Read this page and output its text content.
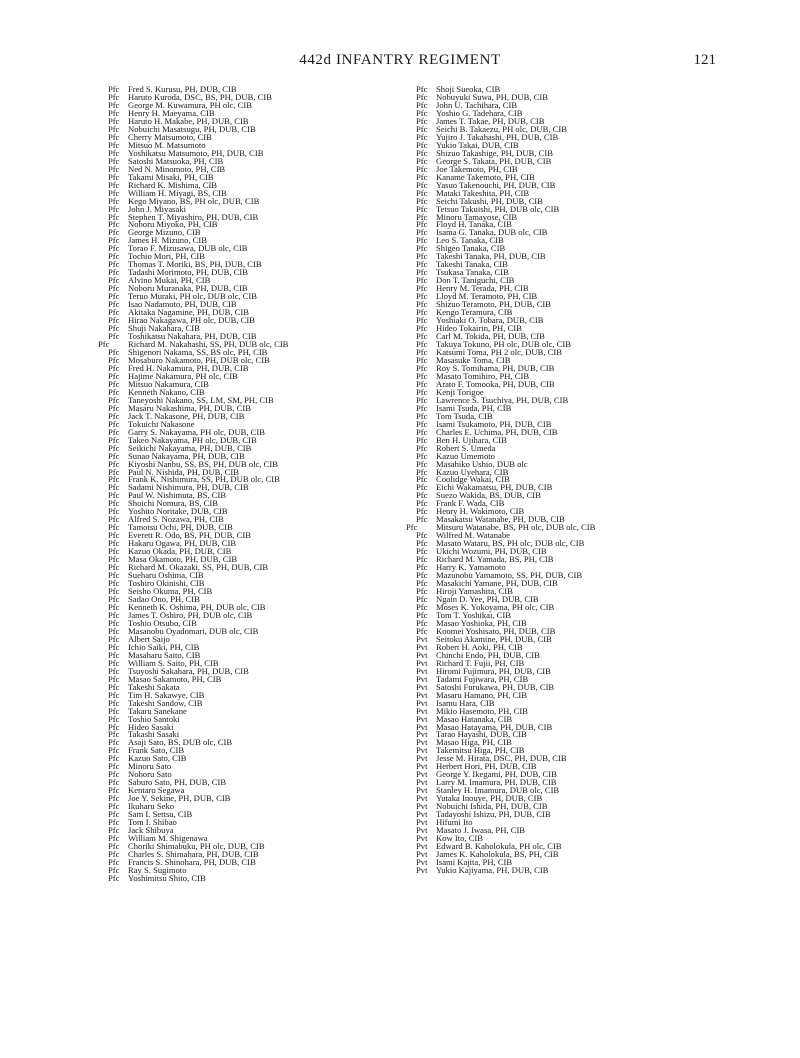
442d INFANTRY REGIMENT	121
Pfc Fred S. Kurusu, PH, DUB, CIB
Pfc Haruto Kuroda, DSC, BS, PH, DUB, CIB
Pfc George M. Kuwamura, PH olc, CIB
Pfc Henry H. Maeyama, CIB
Pfc Haruto H. Makabe, PH, DUB, CIB
Pfc Nobuichi Masatsugu, PH, DUB, CIB
Pfc Cherry Matsumoto, CIB
Pfc Mitsuo M. Matsumoto
Pfc Yoshikatsu Matsumoto, PH, DUB, CIB
Pfc Satoshi Matsuoka, PH, CIB
Pfc Ned N. Minomoto, PH, CIB
Pfc Takami Misaki, PH, CIB
Pfc Richard K. Mishima, CIB
Pfc William H. Miyagi, BS, CIB
Pfc Kego Miyano, BS, PH olc, DUB, CIB
Pfc John J. Miyasaki
Pfc Stephen T. Miyashiro, PH, DUB, CIB
Pfc Noboru Miyoko, PH, CIB
Pfc George Mizuno, CIB
Pfc James H. Mizuno, CIB
Pfc Torao F. Mizusawa, DUB olc, CIB
Pfc Tochio Mori, PH, CIB
Pfc Thomas T. Moriki, BS, PH, DUB, CIB
Pfc Tadashi Morimoto, PH, DUB, CIB
Pfc Alvino Mukai, PH, CIB
Pfc Noboru Muranaka, PH, DUB, CIB
Pfc Teruo Muraki, PH olc, DUB olc, CIB
Pfc Isao Nadamoto, PH, DUB, CIB
Pfc Akitaka Nagamine, PH, DUB, CIB
Pfc Hirao Nakagawa, PH olc, DUB, CIB
Pfc Shuji Nakahara, CIB
Pfc Toshikatsu Nakahara, PH, DUB, CIB
Pfc Richard M. Nakahashi, SS, PH, DUB olc, CIB
Pfc Shigenori Nakama, SS, BS olc, PH, CIB
Pfc Mosaburo Nakamoto, PH, DUB olc, CIB
Pfc Fred H. Nakamura, PH, DUB, CIB
Pfc Hajime Nakamura, PH olc, CIB
Pfc Mitsuo Nakamura, CIB
Pfc Kenneth Nakano, CIB
Pfc Taneyoshi Nakano, SS, LM, SM, PH, CIB
Pfc Masaru Nakashima, PH, DUB, CIB
Pfc Jack T. Nakasone, PH, DUB, CIB
Pfc Tokuichi Nakasone
Pfc Garry S. Nakayama, PH olc, DUB, CIB
Pfc Takeo Nakayama, PH olc, DUB, CIB
Pfc Seikichi Nakayama, PH, DUB, CIB
Pfc Sunao Nakayama, PH, DUB, CIB
Pfc Kiyoshi Nanbu, SS, BS, PH, DUB olc, CIB
Pfc Paul N. Nishida, PH, DUB, CIB
Pfc Frank K. Nishimura, SS, PH, DUB olc, CIB
Pfc Sadami Nishimura, PH, DUB, CIB
Pfc Paul W. Nishimuta, BS, CIB
Pfc Shoichi Nomura, BS, CIB
Pfc Yoshito Noritake, DUB, CIB
Pfc Alfred S. Nozawa, PH, CIB
Pfc Tamotsu Ochi, PH, DUB, CIB
Pfc Everett R. Odo, BS, PH, DUB, CIB
Pfc Hakaru Ogawa, PH, DUB, CIB
Pfc Kazuo Okada, PH, DUB, CIB
Pfc Masa Okamoto, PH, DUB, CIB
Pfc Richard M. Okazaki, SS, PH, DUB, CIB
Pfc Sueharu Oshima, CIB
Pfc Toshiro Okinishi, CIB
Pfc Seisho Okuma, PH, CIB
Pfc Sadao Ono, PH, CIB
Pfc Kenneth K. Oshima, PH, DUB olc, CIB
Pfc James T. Oshiro, PH, DUB olc, CIB
Pfc Toshio Otsubo, CIB
Pfc Masanobu Oyadomari, DUB olc, CIB
Pfc Albert Saijo
Pfc Ichio Saiki, PH, CIB
Pfc Masaharu Saito, CIB
Pfc William S. Saito, PH, CIB
Pfc Tsuyoshi Sakahara, PH, DUB, CIB
Pfc Masao Sakamoto, PH, CIB
Pfc Takeshi Sakata
Pfc Tim H. Sakawye, CIB
Pfc Takeshi Sandow, CIB
Pfc Takaru Sanekane
Pfc Toshio Santoki
Pfc Hideo Sasaki
Pfc Takashi Sasaki
Pfc Asaji Sato, BS, DUB olc, CIB
Pfc Frank Sato, CIB
Pfc Kazuo Sato, CIB
Pfc Minoru Sato
Pfc Noboru Sato
Pfc Saburo Sato, PH, DUB, CIB
Pfc Kentaro Segawa
Pfc Joe Y. Sekine, PH, DUB, CIB
Pfc Ikuharu Seko
Pfc Sam I. Settsu, CIB
Pfc Tom I. Shibao
Pfc Jack Shibuya
Pfc William M. Shigenawa
Pfc Choriki Shimabuku, PH olc, DUB, CIB
Pfc Charles S. Shimahara, PH, DUB, CIB
Pfc Francis S. Shinohara, PH, DUB, CIB
Pfc Ray S. Sugimoto
Pfc Yoshimitsu Shito, CIB
Pfc Shoji Sueoka, CIB
Pfc Nobuyuki Suwa, PH, DUB, CIB
Pfc John U. Tachihara, CIB
Pfc Yoshio G. Tadehara, CIB
Pfc James T. Takae, PH, DUB, CIB
Pfc Seichi B. Takaezu, PH olc, DUB, CIB
Pfc Yujiro J. Takahashi, PH, DUB, CIB
Pfc Yukio Takai, DUB, CIB
Pfc Shizuo Takashige, PH, DUB, CIB
Pfc George S. Takata, PH, DUB, CIB
Pfc Joe Takemoto, PH, CIB
Pfc Kaname Takemoto, PH, CIB
Pfc Yasuo Takenouchi, PH, DUB, CIB
Pfc Mataki Takeshita, PH, CIB
Pfc Seichi Takushi, PH, DUB, CIB
Pfc Tetsuo Takuishi, PH, DUB olc, CIB
Pfc Minoru Tamayose, CIB
Pfc Floyd H. Tanaka, CIB
Pfc Isama G. Tanaka, DUB olc, CIB
Pfc Leo S. Tanaka, CIB
Pfc Shigeo Tanaka, CIB
Pfc Takeshi Tanaka, PH, DUB, CIB
Pfc Takeshi Tanaka, CIB
Pfc Tsukasa Tanaka, CIB
Pfc Don T. Taniguchi, CIB
Pfc Henry M. Terada, PH, CIB
Pfc Lloyd M. Teramoto, PH, CIB
Pfc Shizuo Teramoto, PH, DUB, CIB
Pfc Kengo Teramura, CIB
Pfc Yoshiaki O. Tobara, DUB, CIB
Pfc Hideo Tokairin, PH, CIB
Pfc Carl M. Tokida, PH, DUB, CIB
Pfc Takuya Tokuno, PH olc, DUB olc, CIB
Pfc Katsumi Toma, PH 2 olc, DUB, CIB
Pfc Masasuke Toma, CIB
Pfc Roy S. Tomihama, PH, DUB, CIB
Pfc Masato Tomihiro, PH, CIB
Pfc Arato F. Tomooka, PH, DUB, CIB
Pfc Kenji Torigoe
Pfc Lawrence S. Tsuchiya, PH, DUB, CIB
Pfc Isami Tsuda, PH, CIB
Pfc Tom Tsuda, CIB
Pfc Isami Tsukamoto, PH, DUB, CIB
Pfc Charles E. Uchima, PH, DUB, CIB
Pfc Ben H. Ujihara, CIB
Pfc Robert S. Umeda
Pfc Kazuo Umemoto
Pfc Masahiko Ushio, DUB olc
Pfc Kazuo Uyehara, CIB
Pfc Coolidge Wakai, CIB
Pfc Eichi Wakamatsu, PH, DUB, CIB
Pfc Suezo Wakida, BS, DUB, CIB
Pfc Frank F. Wada, CIB
Pfc Henry H. Wakimoto, CIB
Pfc Masakatsu Watanabe, PH, DUB, CIB
Pfc Mitsuru Watanabe, BS, PH olc, DUB olc, CIB
Pfc Wilfred M. Watanabe
Pfc Masato Wataru, BS, PH olc, DUB olc, CIB
Pfc Ukichi Wozumi, PH, DUB, CIB
Pfc Richard M. Yamada, BS, PH, CIB
Pfc Harry K. Yamamoto
Pfc Mazunobu Yamamoto, SS, PH, DUB, CIB
Pfc Masakichi Yamane, PH, DUB, CIB
Pfc Hiroji Yamashita, CIB
Pfc Ngain D. Yee, PH, DUB, CIB
Pfc Moses K. Yokoyama, PH olc, CIB
Pfc Tom T. Yoshikai, CIB
Pfc Masao Yoshioka, PH, CIB
Pfc Koomei Yoshisato, PH, DUB, CIB
Pvt Seitoku Akamine, PH, DUB, CIB
Pvt Robert H. Aoki, PH, CIB
Pvt Chinchi Endo, PH, DUB, CIB
Pvt Richard T. Fujii, PH, CIB
Pvt Hiromi Fujimura, PH, DUB, CIB
Pvt Tadami Fujiwara, PH, CIB
Pvt Satoshi Furukawa, PH, DUB, CIB
Pvt Masaru Hamano, PH, CIB
Pvt Isamu Hara, CIB
Pvt Mikio Hasemoto, PH, CIB
Pvt Masao Hatanaka, CIB
Pvt Masao Hatayama, PH, DUB, CIB
Pvt Tarao Hayashi, DUB, CIB
Pvt Masao Higa, PH, CIB
Pvt Takemitsu Higa, PH, CIB
Pvt Jesse M. Hirata, DSC, PH, DUB, CIB
Pvt Herbert Hori, PH, DUB, CIB
Pvt George Y. Ikegami, PH, DUB, CIB
Pvt Larry M. Imamura, PH, DUB, CIB
Pvt Stanley H. Imamura, DUB olc, CIB
Pvt Yutaka Inouye, PH, DUB, CIB
Pvt Nobuichi Ishida, PH, DUB, CIB
Pvt Tadayoshi Ishizu, PH, DUB, CIB
Pvt Hifumi Ito
Pvt Masato J. Iwasa, PH, CIB
Pvt Kow Ito, CIB
Pvt Edward B. Kaholokula, PH olc, CIB
Pvt James K. Kaholokula, BS, PH, CIB
Pvt Isami Kajita, PH, CIB
Pvt Yukio Kajiyama, PH, DUB, CIB
